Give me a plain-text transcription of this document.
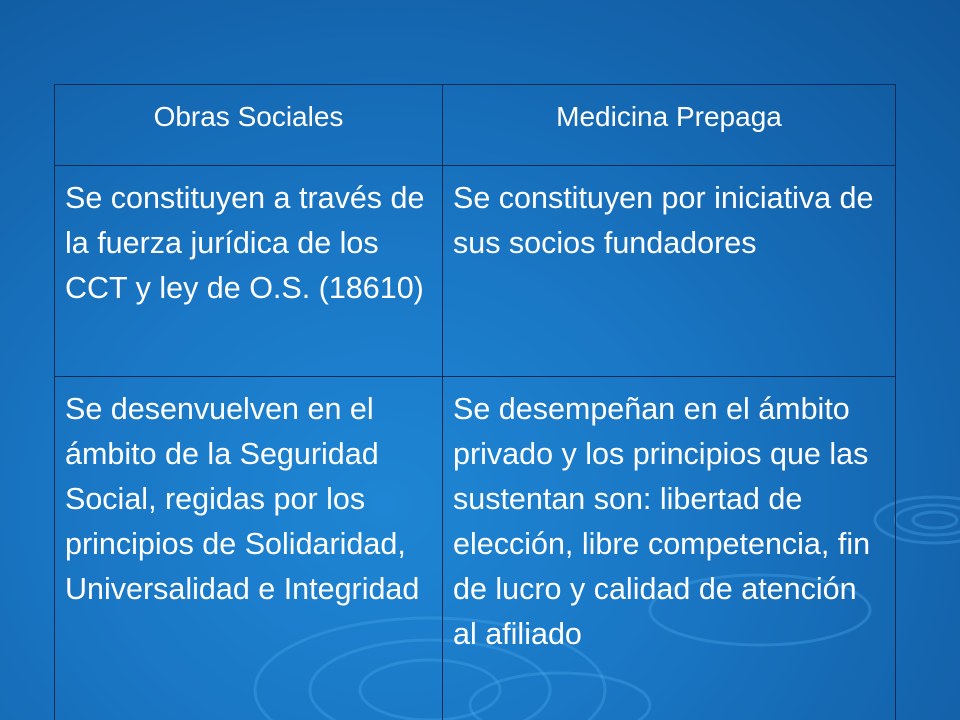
Obras Sociales	Medicina Prepaga
Se constituyen a través de la fuerza jurídica de los CCT y ley de O.S. (18610)	Se constituyen por iniciativa de sus socios fundadores
Se desenvuelven en el ámbito de la Seguridad Social, regidas por los principios de Solidaridad, Universalidad e Integridad	Se desempeñan en el ámbito privado y los principios que las sustentan son: libertad de elección, libre competencia, fin de lucro y calidad de atención al afiliado
